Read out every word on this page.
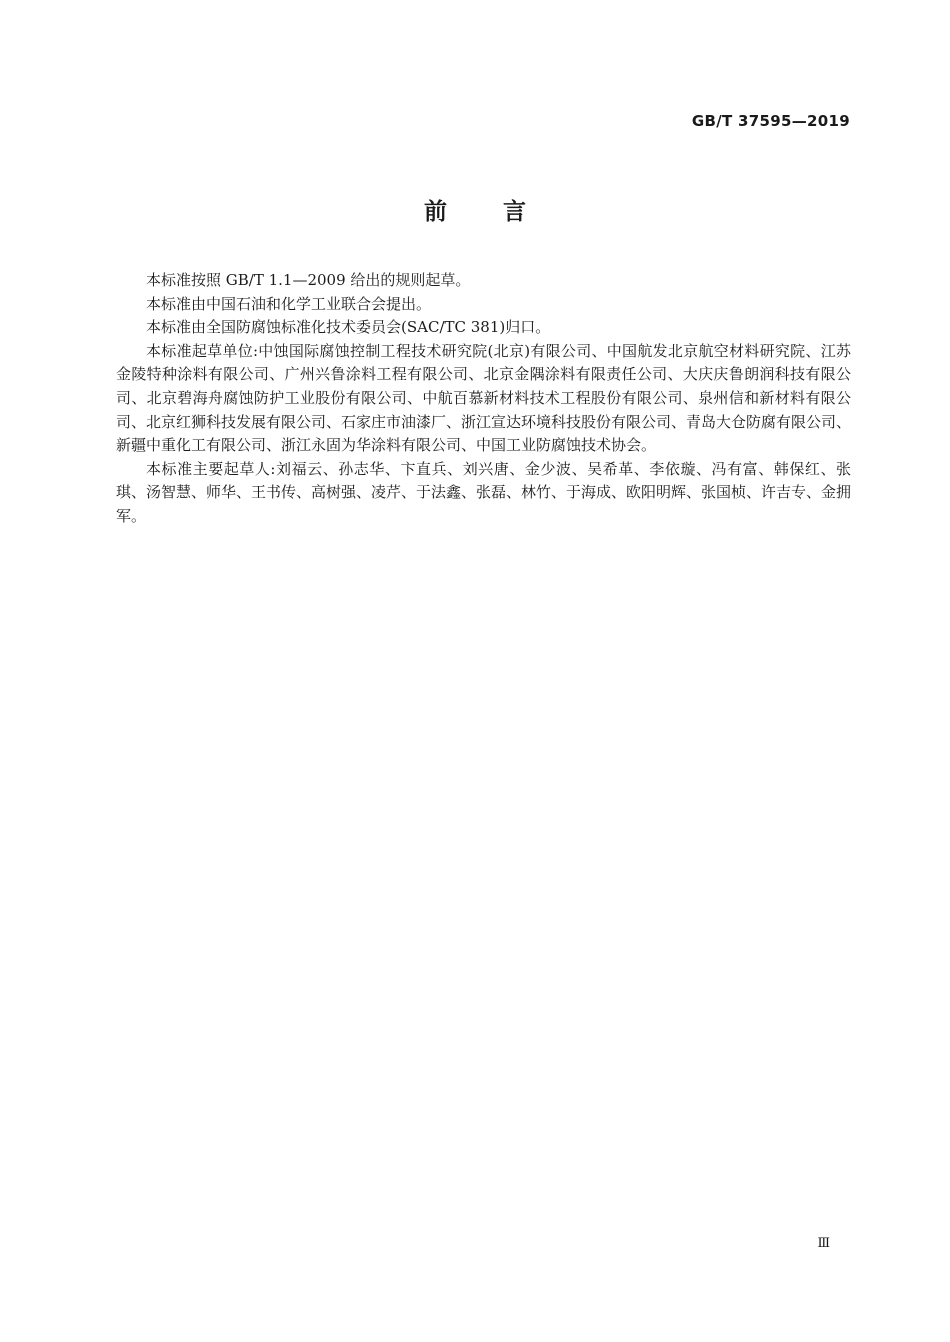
GB/T 37595—2019
前言

本标准按照 GB/T 1.1—2009 给出的规则起草。

本标准由中国石油和化学工业联合会提出。

本标准由全国防腐蚀标准化技术委员会(SAC/TC 381)归口。

本标准起草单位:中蚀国际腐蚀控制工程技术研究院(北京)有限公司、中国航发北京航空材料研究院、江苏金陵特种涂料有限公司、广州兴鲁涂料工程有限公司、北京金隅涂料有限责任公司、大庆庆鲁朗润科技有限公司、北京碧海舟腐蚀防护工业股份有限公司、中航百慕新材料技术工程股份有限公司、泉州信和新材料有限公司、北京红狮科技发展有限公司、石家庄市油漆厂、浙江宣达环境科技股份有限公司、青岛大仓防腐有限公司、新疆中重化工有限公司、浙江永固为华涂料有限公司、中国工业防腐蚀技术协会。

本标准主要起草人:刘福云、孙志华、卞直兵、刘兴唐、金少波、吴希革、李依璇、冯有富、韩保红、张琪、汤智慧、师华、王书传、高树强、凌芹、于法鑫、张磊、林竹、于海成、欧阳明辉、张国桢、许吉专、金拥军。

Ⅲ
